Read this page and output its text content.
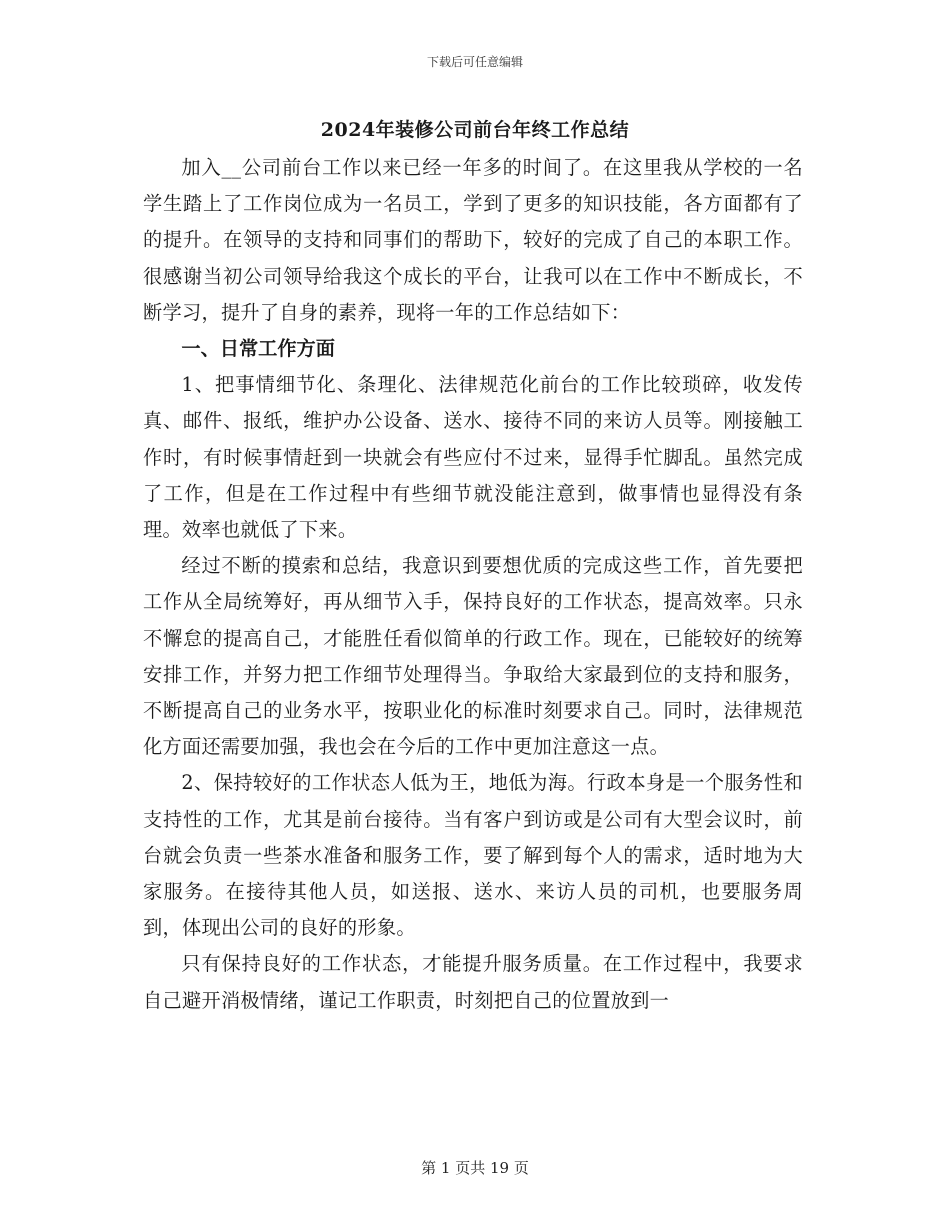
下载后可任意编辑
2024年装修公司前台年终工作总结

加入__公司前台工作以来已经一年多的时间了。在这里我从学校的一名学生踏上了工作岗位成为一名员工，学到了更多的知识技能，各方面都有了的提升。在领导的支持和同事们的帮助下，较好的完成了自己的本职工作。很感谢当初公司领导给我这个成长的平台，让我可以在工作中不断成长，不断学习，提升了自身的素养，现将一年的工作总结如下：

一、日常工作方面

1、把事情细节化、条理化、法律规范化前台的工作比较琐碎，收发传真、邮件、报纸，维护办公设备、送水、接待不同的来访人员等。刚接触工作时，有时候事情赶到一块就会有些应付不过来，显得手忙脚乱。虽然完成了工作，但是在工作过程中有些细节就没能注意到，做事情也显得没有条理。效率也就低了下来。

经过不断的摸索和总结，我意识到要想优质的完成这些工作，首先要把工作从全局统筹好，再从细节入手，保持良好的工作状态，提高效率。只永不懈怠的提高自己，才能胜任看似简单的行政工作。现在，已能较好的统筹安排工作，并努力把工作细节处理得当。争取给大家最到位的支持和服务，不断提高自己的业务水平，按职业化的标准时刻要求自己。同时，法律规范化方面还需要加强，我也会在今后的工作中更加注意这一点。

2、保持较好的工作状态人低为王，地低为海。行政本身是一个服务性和支持性的工作，尤其是前台接待。当有客户到访或是公司有大型会议时，前台就会负责一些茶水准备和服务工作，要了解到每个人的需求，适时地为大家服务。在接待其他人员，如送报、送水、来访人员的司机，也要服务周到，体现出公司的良好的形象。

只有保持良好的工作状态，才能提升服务质量。在工作过程中，我要求自己避开消极情绪，谨记工作职责，时刻把自己的位置放到一

第 1 页共 19 页
